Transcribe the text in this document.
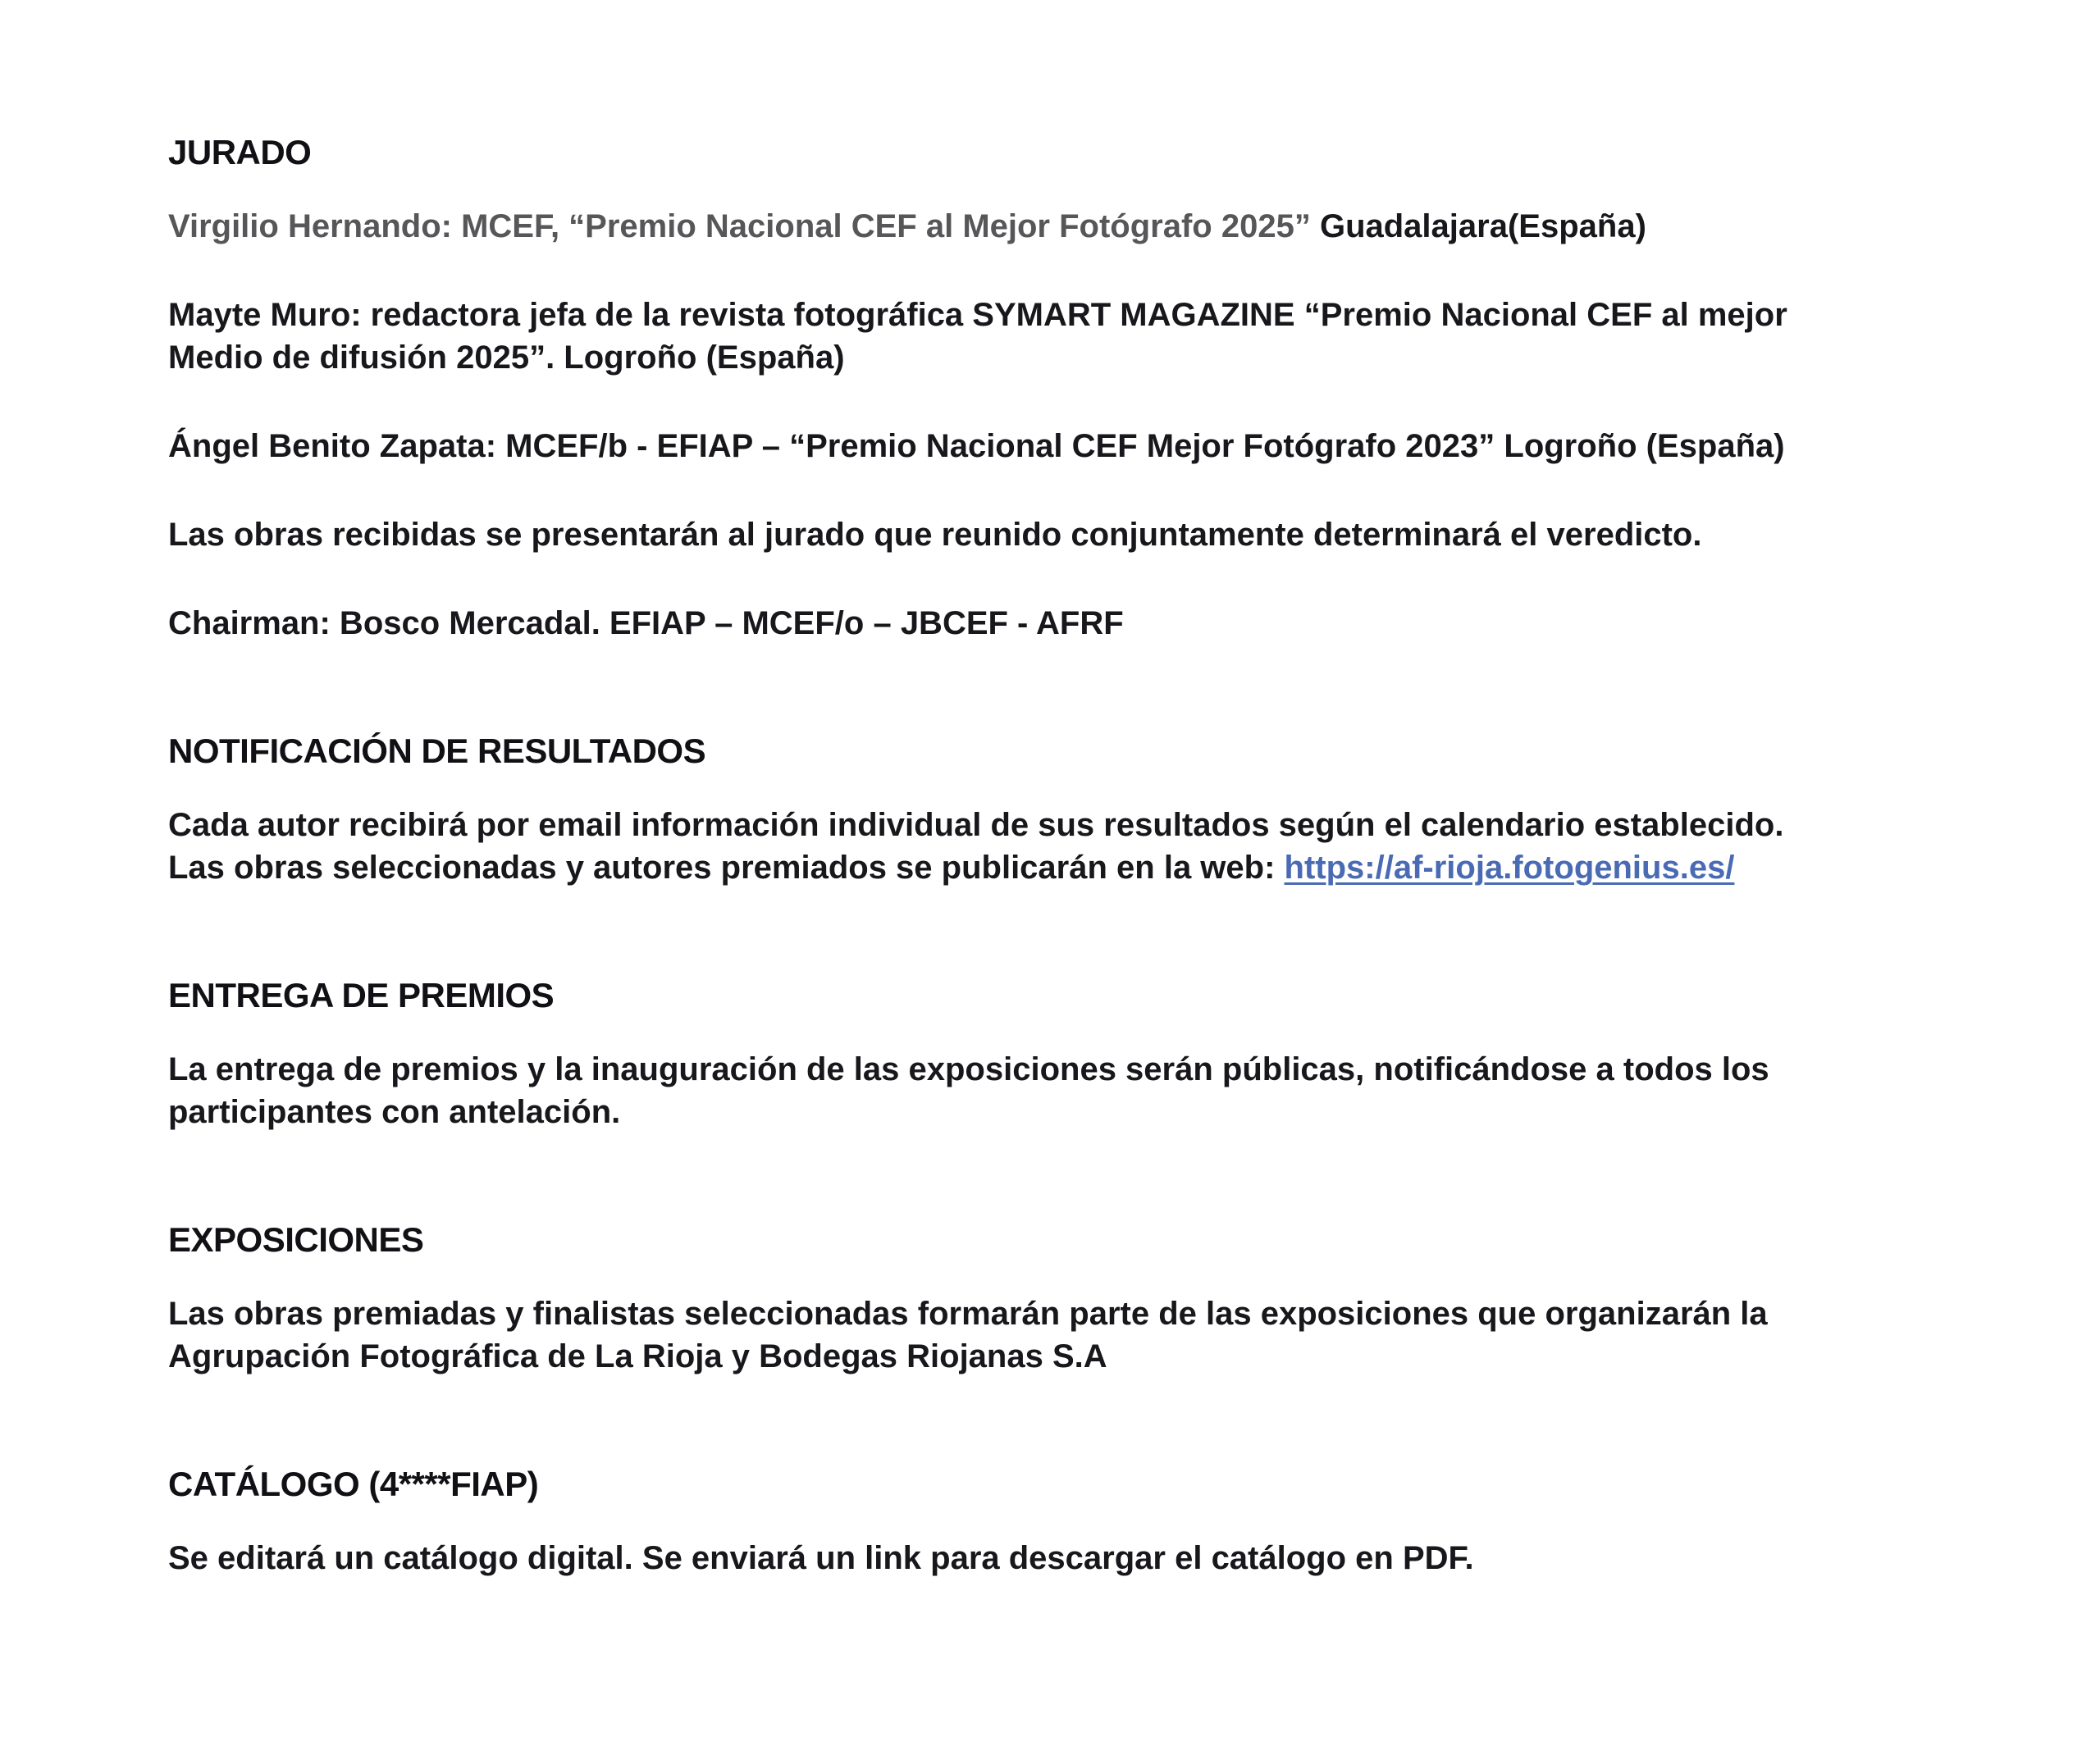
JURADO
Virgilio Hernando: MCEF, “Premio Nacional CEF al Mejor Fotógrafo 2025” Guadalajara(España)
Mayte Muro: redactora jefa de la revista fotográfica SYMART MAGAZINE “Premio Nacional CEF al mejor
Medio de difusión 2025”. Logroño (España)
Ángel Benito Zapata: MCEF/b - EFIAP – “Premio Nacional CEF Mejor Fotógrafo 2023” Logroño (España)
Las obras recibidas se presentarán al jurado que reunido conjuntamente determinará el veredicto.
Chairman: Bosco Mercadal. EFIAP – MCEF/o – JBCEF - AFRF
NOTIFICACIÓN DE RESULTADOS
Cada autor recibirá por email información individual de sus resultados según el calendario establecido.
Las obras seleccionadas y autores premiados se publicarán en la web: https://af-rioja.fotogenius.es/
ENTREGA DE PREMIOS
La entrega de premios y la inauguración de las exposiciones serán públicas, notificándose a todos los
participantes con antelación.
EXPOSICIONES
Las obras premiadas y finalistas seleccionadas formarán parte de las exposiciones que organizarán la
Agrupación Fotográfica de La Rioja y Bodegas Riojanas S.A
CATÁLOGO (4****FIAP)
Se editará un catálogo digital. Se enviará un link para descargar el catálogo en PDF.
